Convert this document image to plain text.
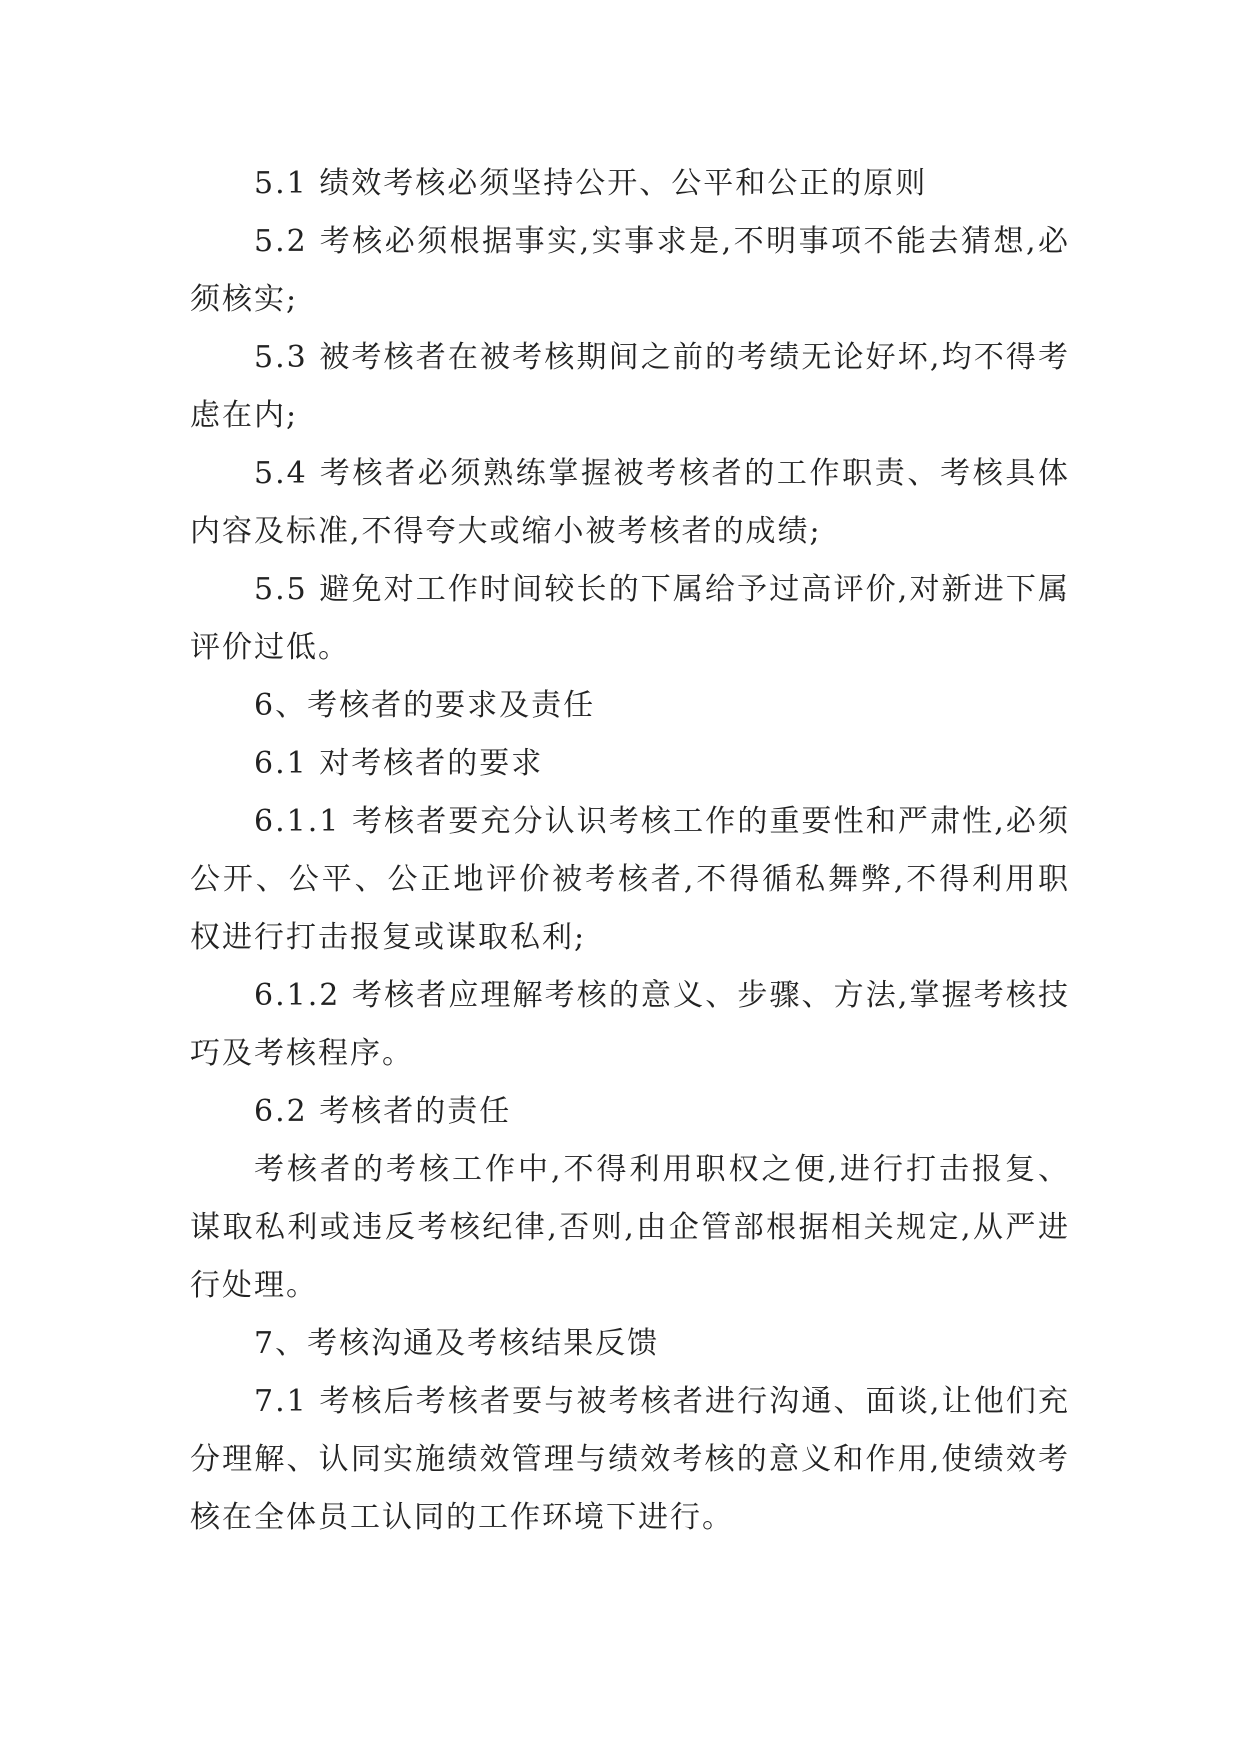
5.1 绩效考核必须坚持公开、公平和公正的原则

5.2 考核必须根据事实,实事求是,不明事项不能去猜想,必须核实;

5.3 被考核者在被考核期间之前的考绩无论好坏,均不得考虑在内;

5.4 考核者必须熟练掌握被考核者的工作职责、考核具体内容及标准,不得夸大或缩小被考核者的成绩;

5.5 避免对工作时间较长的下属给予过高评价,对新进下属评价过低。

6、考核者的要求及责任

6.1 对考核者的要求

6.1.1 考核者要充分认识考核工作的重要性和严肃性,必须公开、公平、公正地评价被考核者,不得循私舞弊,不得利用职权进行打击报复或谋取私利;

6.1.2 考核者应理解考核的意义、步骤、方法,掌握考核技巧及考核程序。

6.2 考核者的责任

考核者的考核工作中,不得利用职权之便,进行打击报复、谋取私利或违反考核纪律,否则,由企管部根据相关规定,从严进行处理。

7、考核沟通及考核结果反馈

7.1 考核后考核者要与被考核者进行沟通、面谈,让他们充分理解、认同实施绩效管理与绩效考核的意义和作用,使绩效考核在全体员工认同的工作环境下进行。
